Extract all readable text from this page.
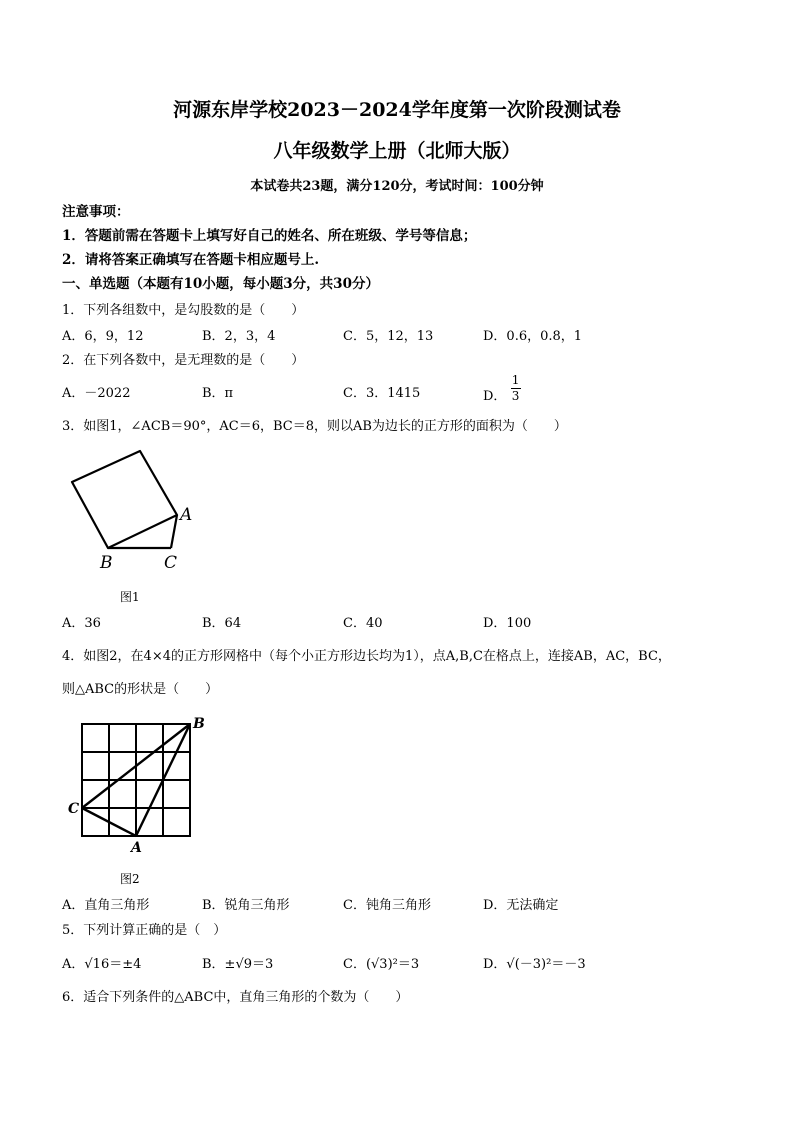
河源东岸学校2023－2024学年度第一次阶段测试卷
八年级数学上册（北师大版）
本试卷共23题，满分120分，考试时间：100分钟
注意事项：
1．答题前需在答题卡上填写好自己的姓名、所在班级、学号等信息；
2．请将答案正确填写在答题卡相应题号上.
一、单选题（本题有10小题，每小题3分，共30分）
1．下列各组数中，是勾股数的是（　　）
A．6，9，12	B．2，3，4	C．5，12，13	D．0.6，0.8，1
2．在下列各数中，是无理数的是（　　）
A．－2022	B．π	C．3．1415	D． $\frac{1}{3}$
3．如图1，∠ACB＝90°，AC＝6，BC＝8，则以AB为边长的正方形的面积为（　　）
A
B	C
图1
A．36	B．64	C．40	D．100
4．如图2，在4×4的正方形网格中（每个小正方形边长均为1），点A,B,C在格点上，连接AB，AC，BC，
则△ABC的形状是（　　）
B
C
A
图2
A．直角三角形	B．锐角三角形	C．钝角三角形	D．无法确定
5．下列计算正确的是（　）
A．√16＝±4	B．±√9＝3	C．(√3)²＝3	D．√(－3)²＝－3
6．适合下列条件的△ABC中，直角三角形的个数为（　　）
